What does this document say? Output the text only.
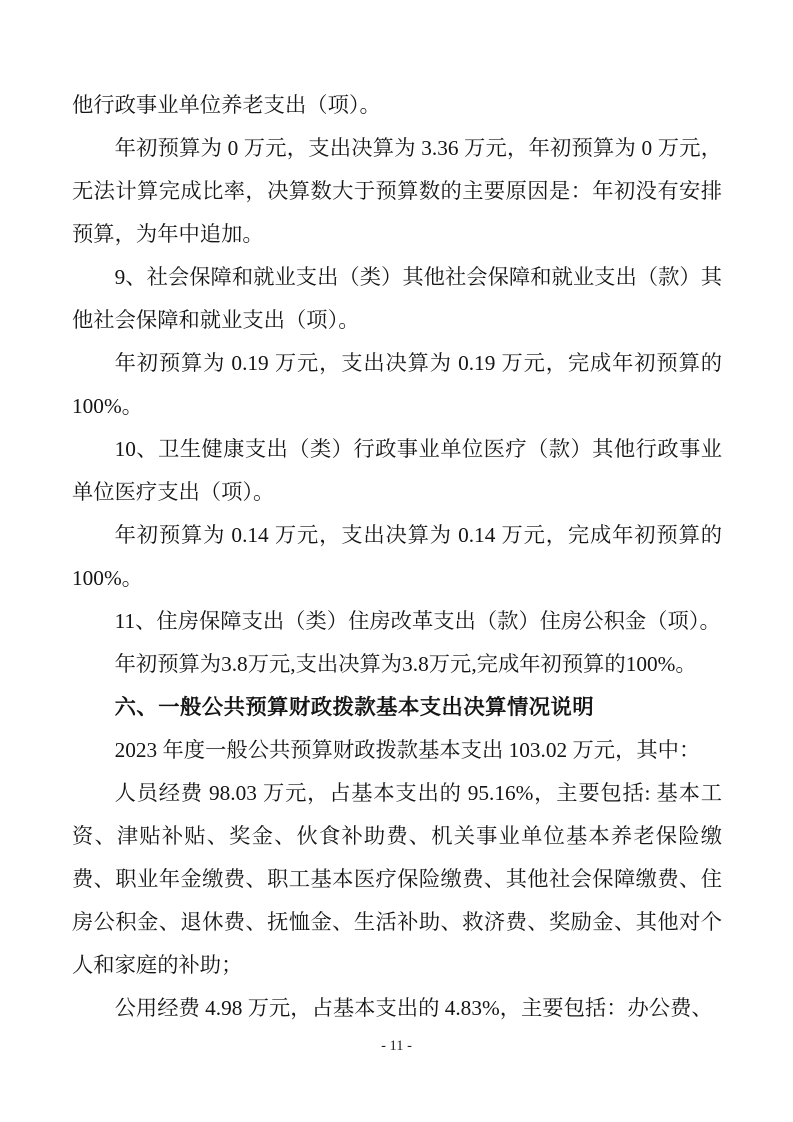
他行政事业单位养老支出（项）。

年初预算为 0 万元，支出决算为 3.36 万元，年初预算为 0 万元，无法计算完成比率，决算数大于预算数的主要原因是：年初没有安排预算，为年中追加。

9、社会保障和就业支出（类）其他社会保障和就业支出（款）其他社会保障和就业支出（项）。

年初预算为 0.19 万元，支出决算为 0.19 万元，完成年初预算的 100%。

10、卫生健康支出（类）行政事业单位医疗（款）其他行政事业单位医疗支出（项）。

年初预算为 0.14 万元，支出决算为 0.14 万元，完成年初预算的 100%。

11、住房保障支出（类）住房改革支出（款）住房公积金（项）。

年初预算为3.8万元,支出决算为3.8万元,完成年初预算的100%。

六、一般公共预算财政拨款基本支出决算情况说明

2023 年度一般公共预算财政拨款基本支出 103.02 万元，其中：

人员经费 98.03 万元，占基本支出的 95.16%，主要包括: 基本工资、津贴补贴、奖金、伙食补助费、机关事业单位基本养老保险缴费、职业年金缴费、职工基本医疗保险缴费、其他社会保障缴费、住房公积金、退休费、抚恤金、生活补助、救济费、奖励金、其他对个人和家庭的补助；

公用经费 4.98 万元，占基本支出的 4.83%，主要包括：办公费、

- 11 -
